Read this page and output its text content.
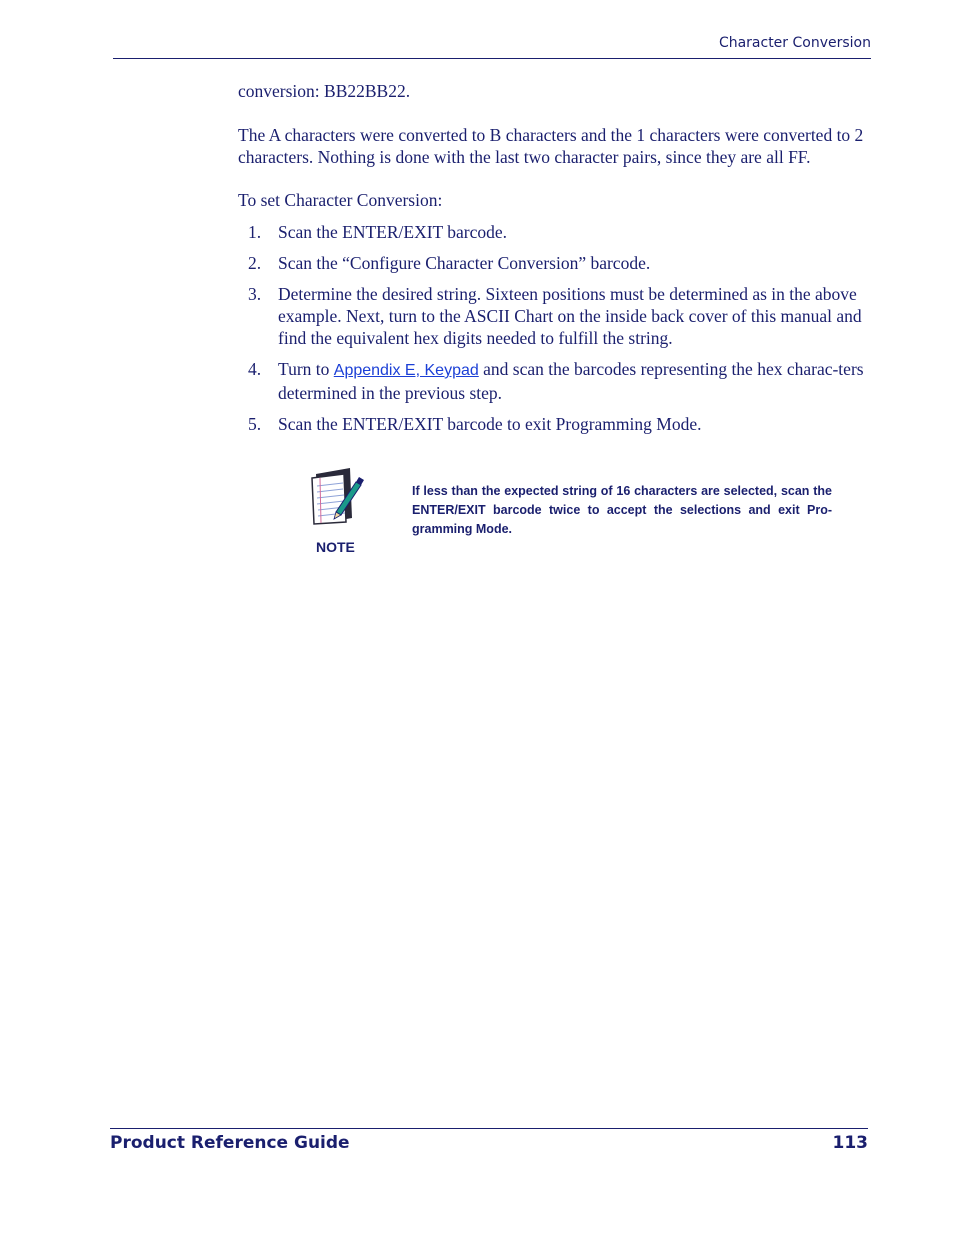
Character Conversion
conversion: BB22BB22.
The A characters were converted to B characters and the 1 characters were converted to 2 characters. Nothing is done with the last two character pairs, since they are all FF.
To set Character Conversion:
1. Scan the ENTER/EXIT barcode.
2. Scan the “Configure Character Conversion” barcode.
3. Determine the desired string. Sixteen positions must be determined as in the above example. Next, turn to the ASCII Chart on the inside back cover of this manual and find the equivalent hex digits needed to fulfill the string.
4. Turn to Appendix E, Keypad and scan the barcodes representing the hex charac-ters determined in the previous step.
5. Scan the ENTER/EXIT barcode to exit Programming Mode.
NOTE
If less than the expected string of 16 characters are selected, scan the ENTER/EXIT barcode twice to accept the selections and exit Pro-gramming Mode.
Product Reference Guide	113
